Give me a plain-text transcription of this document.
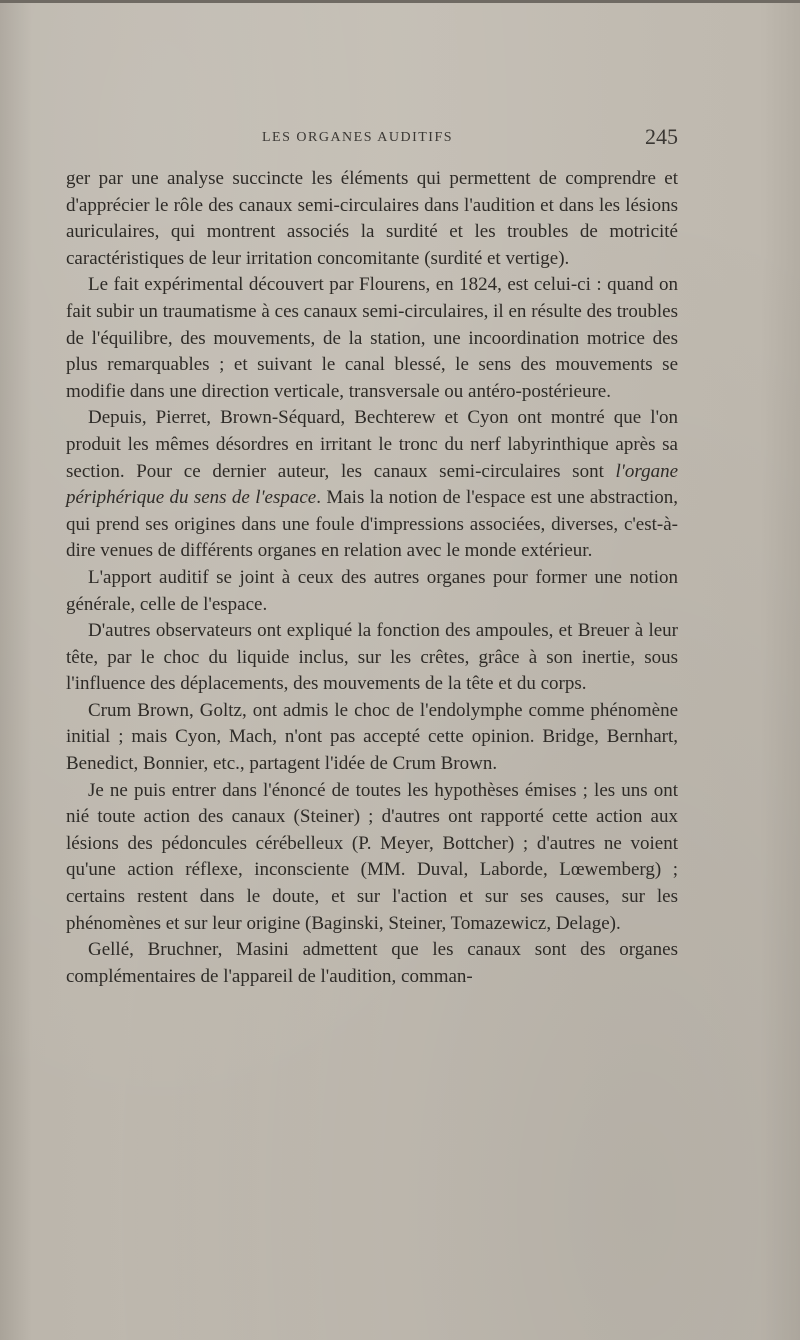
LES ORGANES AUDITIFS	245

ger par une analyse succincte les éléments qui permettent de comprendre et d'apprécier le rôle des canaux semi-circulaires dans l'audition et dans les lésions auriculaires, qui montrent associés la surdité et les troubles de motricité caractéristiques de leur irritation concomitante (surdité et vertige).

Le fait expérimental découvert par Flourens, en 1824, est celui-ci : quand on fait subir un traumatisme à ces canaux semi-circulaires, il en résulte des troubles de l'équilibre, des mouvements, de la station, une incoordination motrice des plus remarquables ; et suivant le canal blessé, le sens des mouvements se modifie dans une direction verticale, transversale ou antéro-postérieure.

Depuis, Pierret, Brown-Séquard, Bechterew et Cyon ont montré que l'on produit les mêmes désordres en irritant le tronc du nerf labyrinthique après sa section. Pour ce dernier auteur, les canaux semi-circulaires sont l'organe périphérique du sens de l'espace. Mais la notion de l'espace est une abstraction, qui prend ses origines dans une foule d'impressions associées, diverses, c'est-à-dire venues de différents organes en relation avec le monde extérieur.

L'apport auditif se joint à ceux des autres organes pour former une notion générale, celle de l'espace.

D'autres observateurs ont expliqué la fonction des ampoules, et Breuer à leur tête, par le choc du liquide inclus, sur les crêtes, grâce à son inertie, sous l'influence des déplacements, des mouvements de la tête et du corps.

Crum Brown, Goltz, ont admis le choc de l'endolymphe comme phénomène initial ; mais Cyon, Mach, n'ont pas accepté cette opinion. Bridge, Bernhart, Benedict, Bonnier, etc., partagent l'idée de Crum Brown.

Je ne puis entrer dans l'énoncé de toutes les hypothèses émises ; les uns ont nié toute action des canaux (Steiner) ; d'autres ont rapporté cette action aux lésions des pédoncules cérébelleux (P. Meyer, Bottcher) ; d'autres ne voient qu'une action réflexe, inconsciente (MM. Duval, Laborde, Lœwemberg) ; certains restent dans le doute, et sur l'action et sur ses causes, sur les phénomènes et sur leur origine (Baginski, Steiner, Tomazewicz, Delage).

Gellé, Bruchner, Masini admettent que les canaux sont des organes complémentaires de l'appareil de l'audition, comman-
